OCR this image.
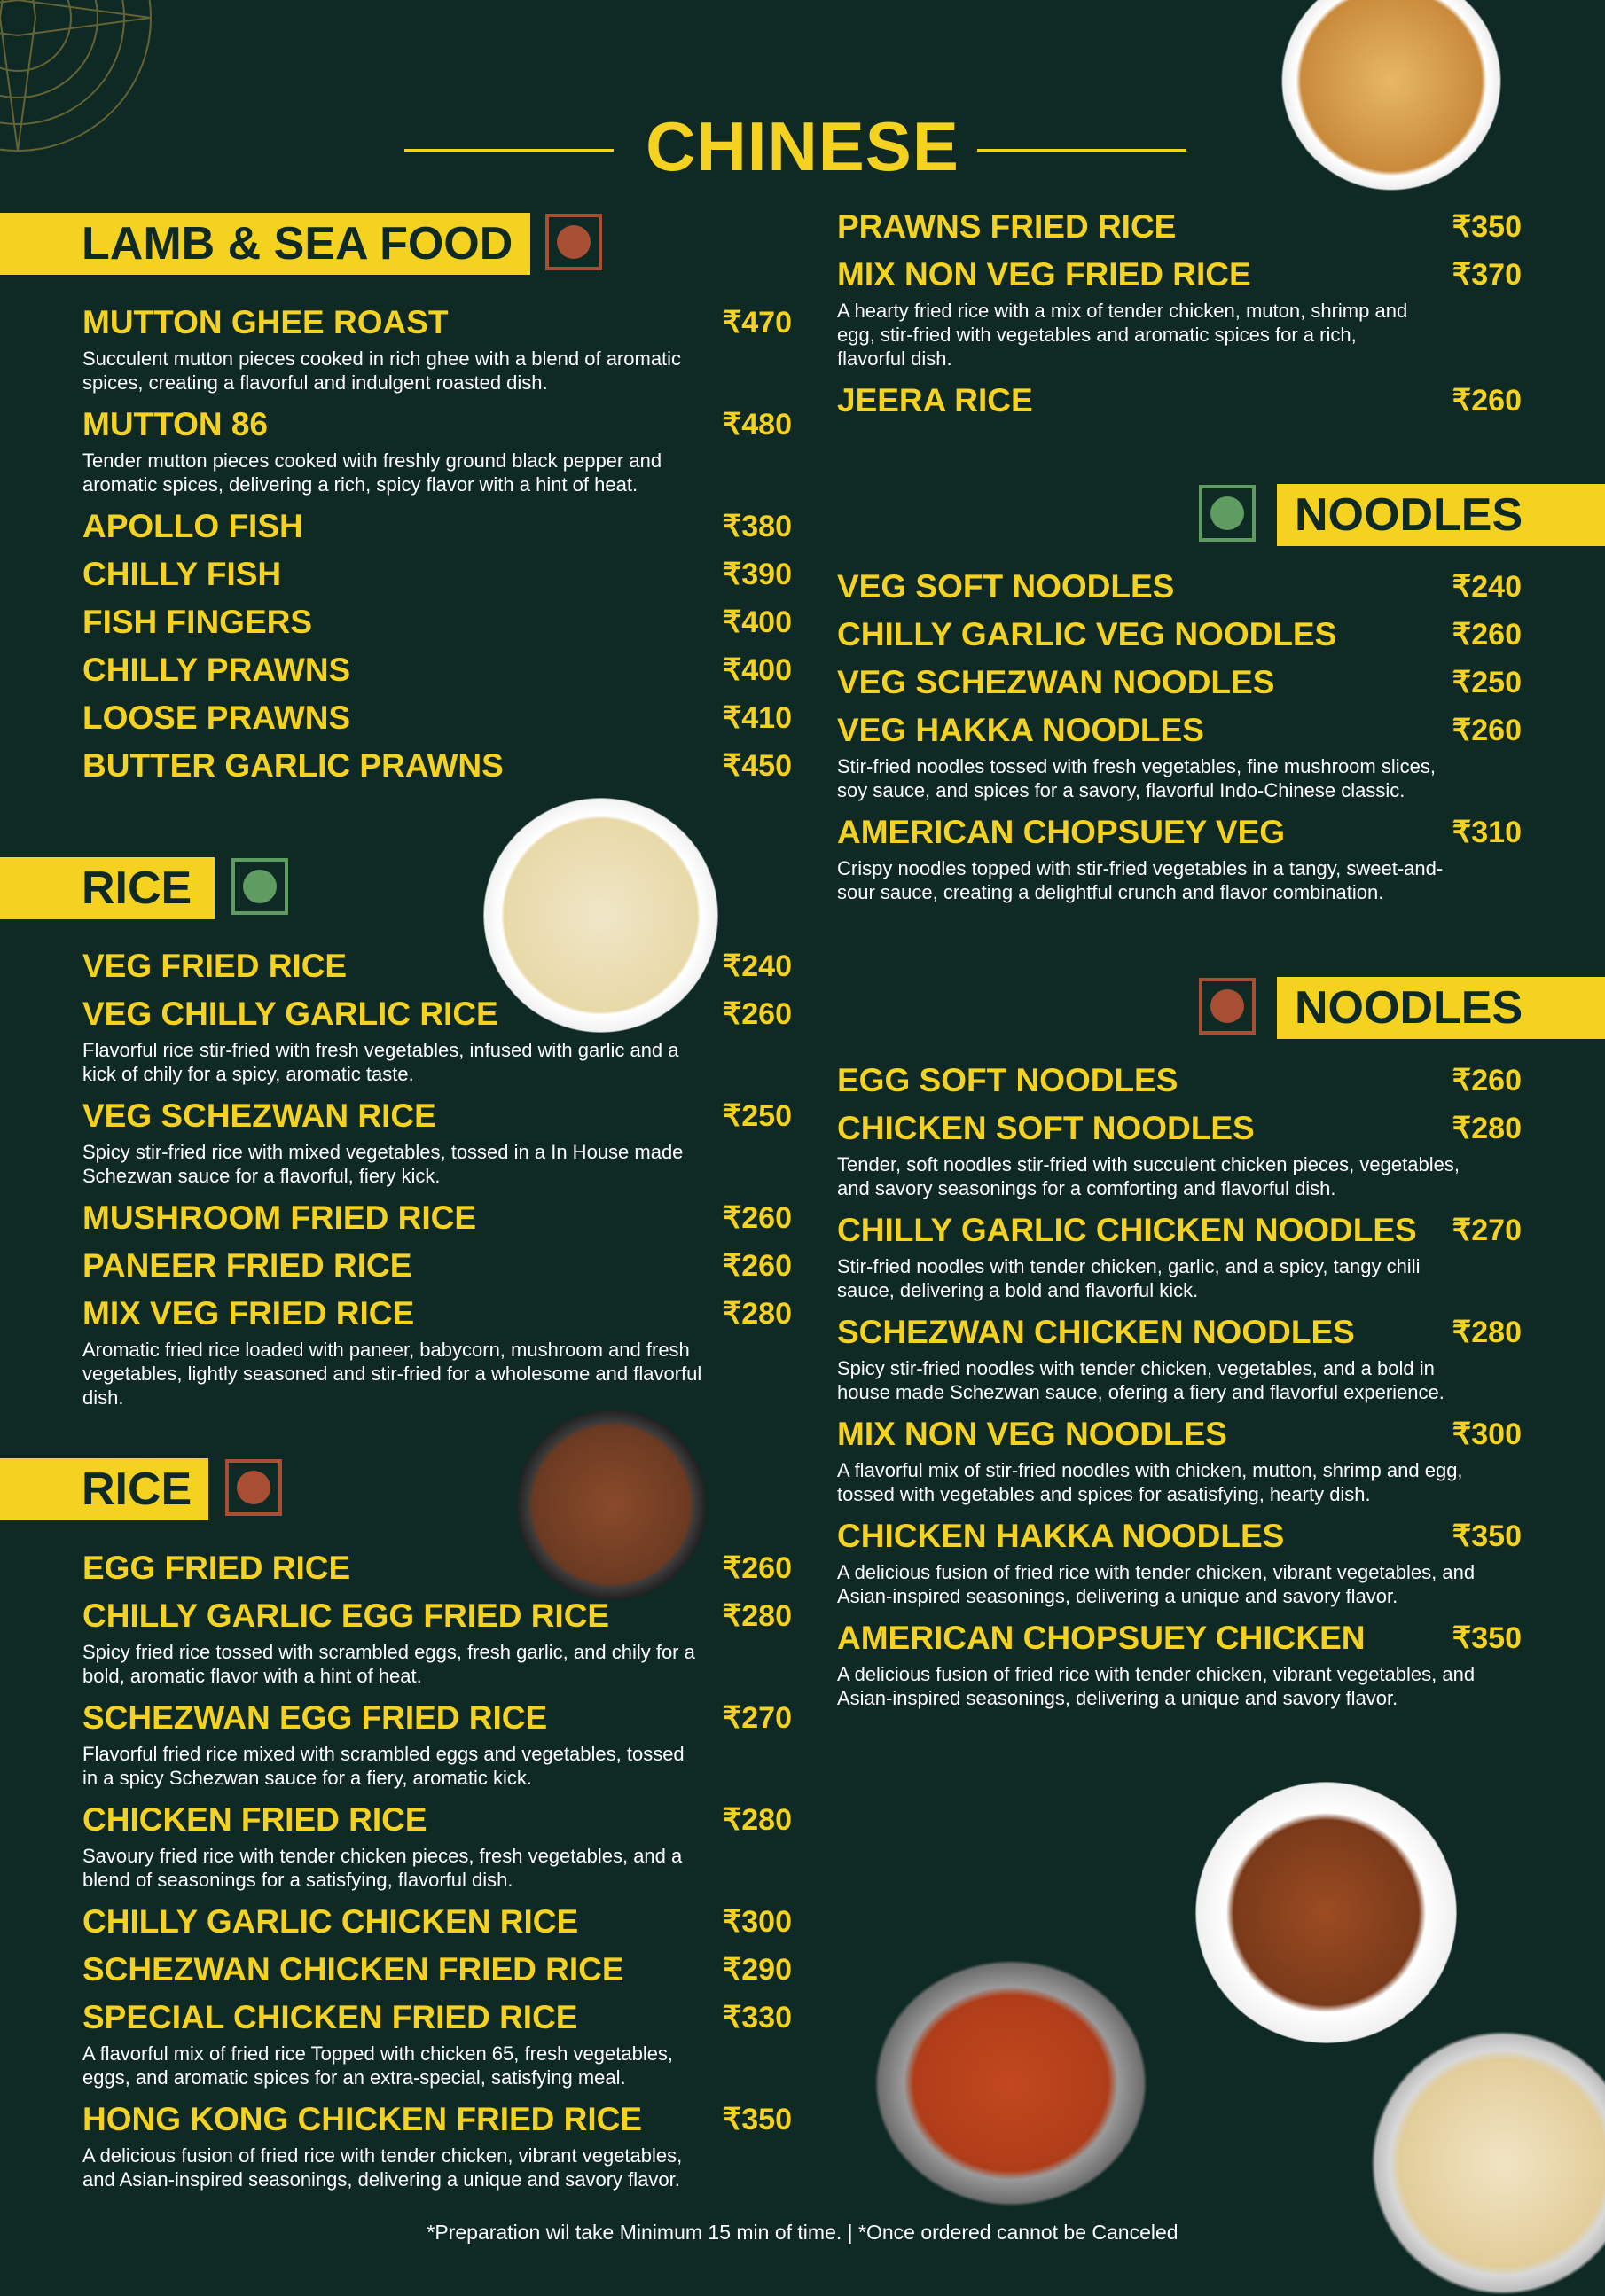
CHINESE
LAMB & SEA FOOD
RICE
RICE
NOODLES
NOODLES
MUTTON GHEE ROAST	₹470
Succulent mutton pieces cooked in rich ghee with a blend of aromatic spices, creating a flavorful and indulgent roasted dish.
MUTTON 86	₹480
Tender mutton pieces cooked with freshly ground black pepper and aromatic spices, delivering a rich, spicy flavor with a hint of heat.
APOLLO FISH	₹380
CHILLY FISH	₹390
FISH FINGERS	₹400
CHILLY PRAWNS	₹400
LOOSE PRAWNS	₹410
BUTTER GARLIC PRAWNS	₹450
VEG FRIED RICE	₹240
VEG CHILLY GARLIC RICE	₹260
Flavorful rice stir-fried with fresh vegetables, infused with garlic and a kick of chily for a spicy, aromatic taste.
VEG SCHEZWAN RICE	₹250
Spicy stir-fried rice with mixed vegetables, tossed in a In House made Schezwan sauce for a flavorful, fiery kick.
MUSHROOM FRIED RICE	₹260
PANEER FRIED RICE	₹260
MIX VEG FRIED RICE	₹280
Aromatic fried rice loaded with paneer, babycorn, mushroom and fresh vegetables, lightly seasoned and stir-fried for a wholesome and flavorful dish.
EGG FRIED RICE	₹260
CHILLY GARLIC EGG FRIED RICE	₹280
Spicy fried rice tossed with scrambled eggs, fresh garlic, and chily for a bold, aromatic flavor with a hint of heat.
SCHEZWAN EGG FRIED RICE	₹270
Flavorful fried rice mixed with scrambled eggs and vegetables, tossed in a spicy Schezwan sauce for a fiery, aromatic kick.
CHICKEN FRIED RICE	₹280
Savoury fried rice with tender chicken pieces, fresh vegetables, and a blend of seasonings for a satisfying, flavorful dish.
CHILLY GARLIC CHICKEN RICE	₹300
SCHEZWAN CHICKEN FRIED RICE	₹290
SPECIAL CHICKEN FRIED RICE	₹330
A flavorful mix of fried rice Topped with chicken 65, fresh vegetables, eggs, and aromatic spices for an extra-special, satisfying meal.
HONG KONG CHICKEN FRIED RICE	₹350
A delicious fusion of fried rice with tender chicken, vibrant vegetables, and Asian-inspired seasonings, delivering a unique and savory flavor.
PRAWNS FRIED RICE	₹350
MIX NON VEG FRIED RICE	₹370
A hearty fried rice with a mix of tender chicken, muton, shrimp and egg, stir-fried with vegetables and aromatic spices for a rich, flavorful dish.
JEERA RICE	₹260
VEG SOFT NOODLES	₹240
CHILLY GARLIC VEG NOODLES	₹260
VEG SCHEZWAN NOODLES	₹250
VEG HAKKA NOODLES	₹260
Stir-fried noodles tossed with fresh vegetables, fine mushroom slices, soy sauce, and spices for a savory, flavorful Indo-Chinese classic.
AMERICAN CHOPSUEY VEG	₹310
Crispy noodles topped with stir-fried vegetables in a tangy, sweet-and-sour sauce, creating a delightful crunch and flavor combination.
EGG SOFT NOODLES	₹260
CHICKEN SOFT NOODLES	₹280
Tender, soft noodles stir-fried with succulent chicken pieces, vegetables, and savory seasonings for a comforting and flavorful dish.
CHILLY GARLIC CHICKEN NOODLES	₹270
Stir-fried noodles with tender chicken, garlic, and a spicy, tangy chili sauce, delivering a bold and flavorful kick.
SCHEZWAN CHICKEN NOODLES	₹280
Spicy stir-fried noodles with tender chicken, vegetables, and a bold in house made Schezwan sauce, ofering a fiery and flavorful experience.
MIX NON VEG NOODLES	₹300
A flavorful mix of stir-fried noodles with chicken, mutton, shrimp and egg, tossed with vegetables and spices for asatisfying, hearty dish.
CHICKEN HAKKA NOODLES	₹350
A delicious fusion of fried rice with tender chicken, vibrant vegetables, and Asian-inspired seasonings, delivering a unique and savory flavor.
AMERICAN CHOPSUEY CHICKEN	₹350
A delicious fusion of fried rice with tender chicken, vibrant vegetables, and Asian-inspired seasonings, delivering a unique and savory flavor.
*Preparation wil take Minimum 15 min of time. | *Once ordered cannot be Canceled
